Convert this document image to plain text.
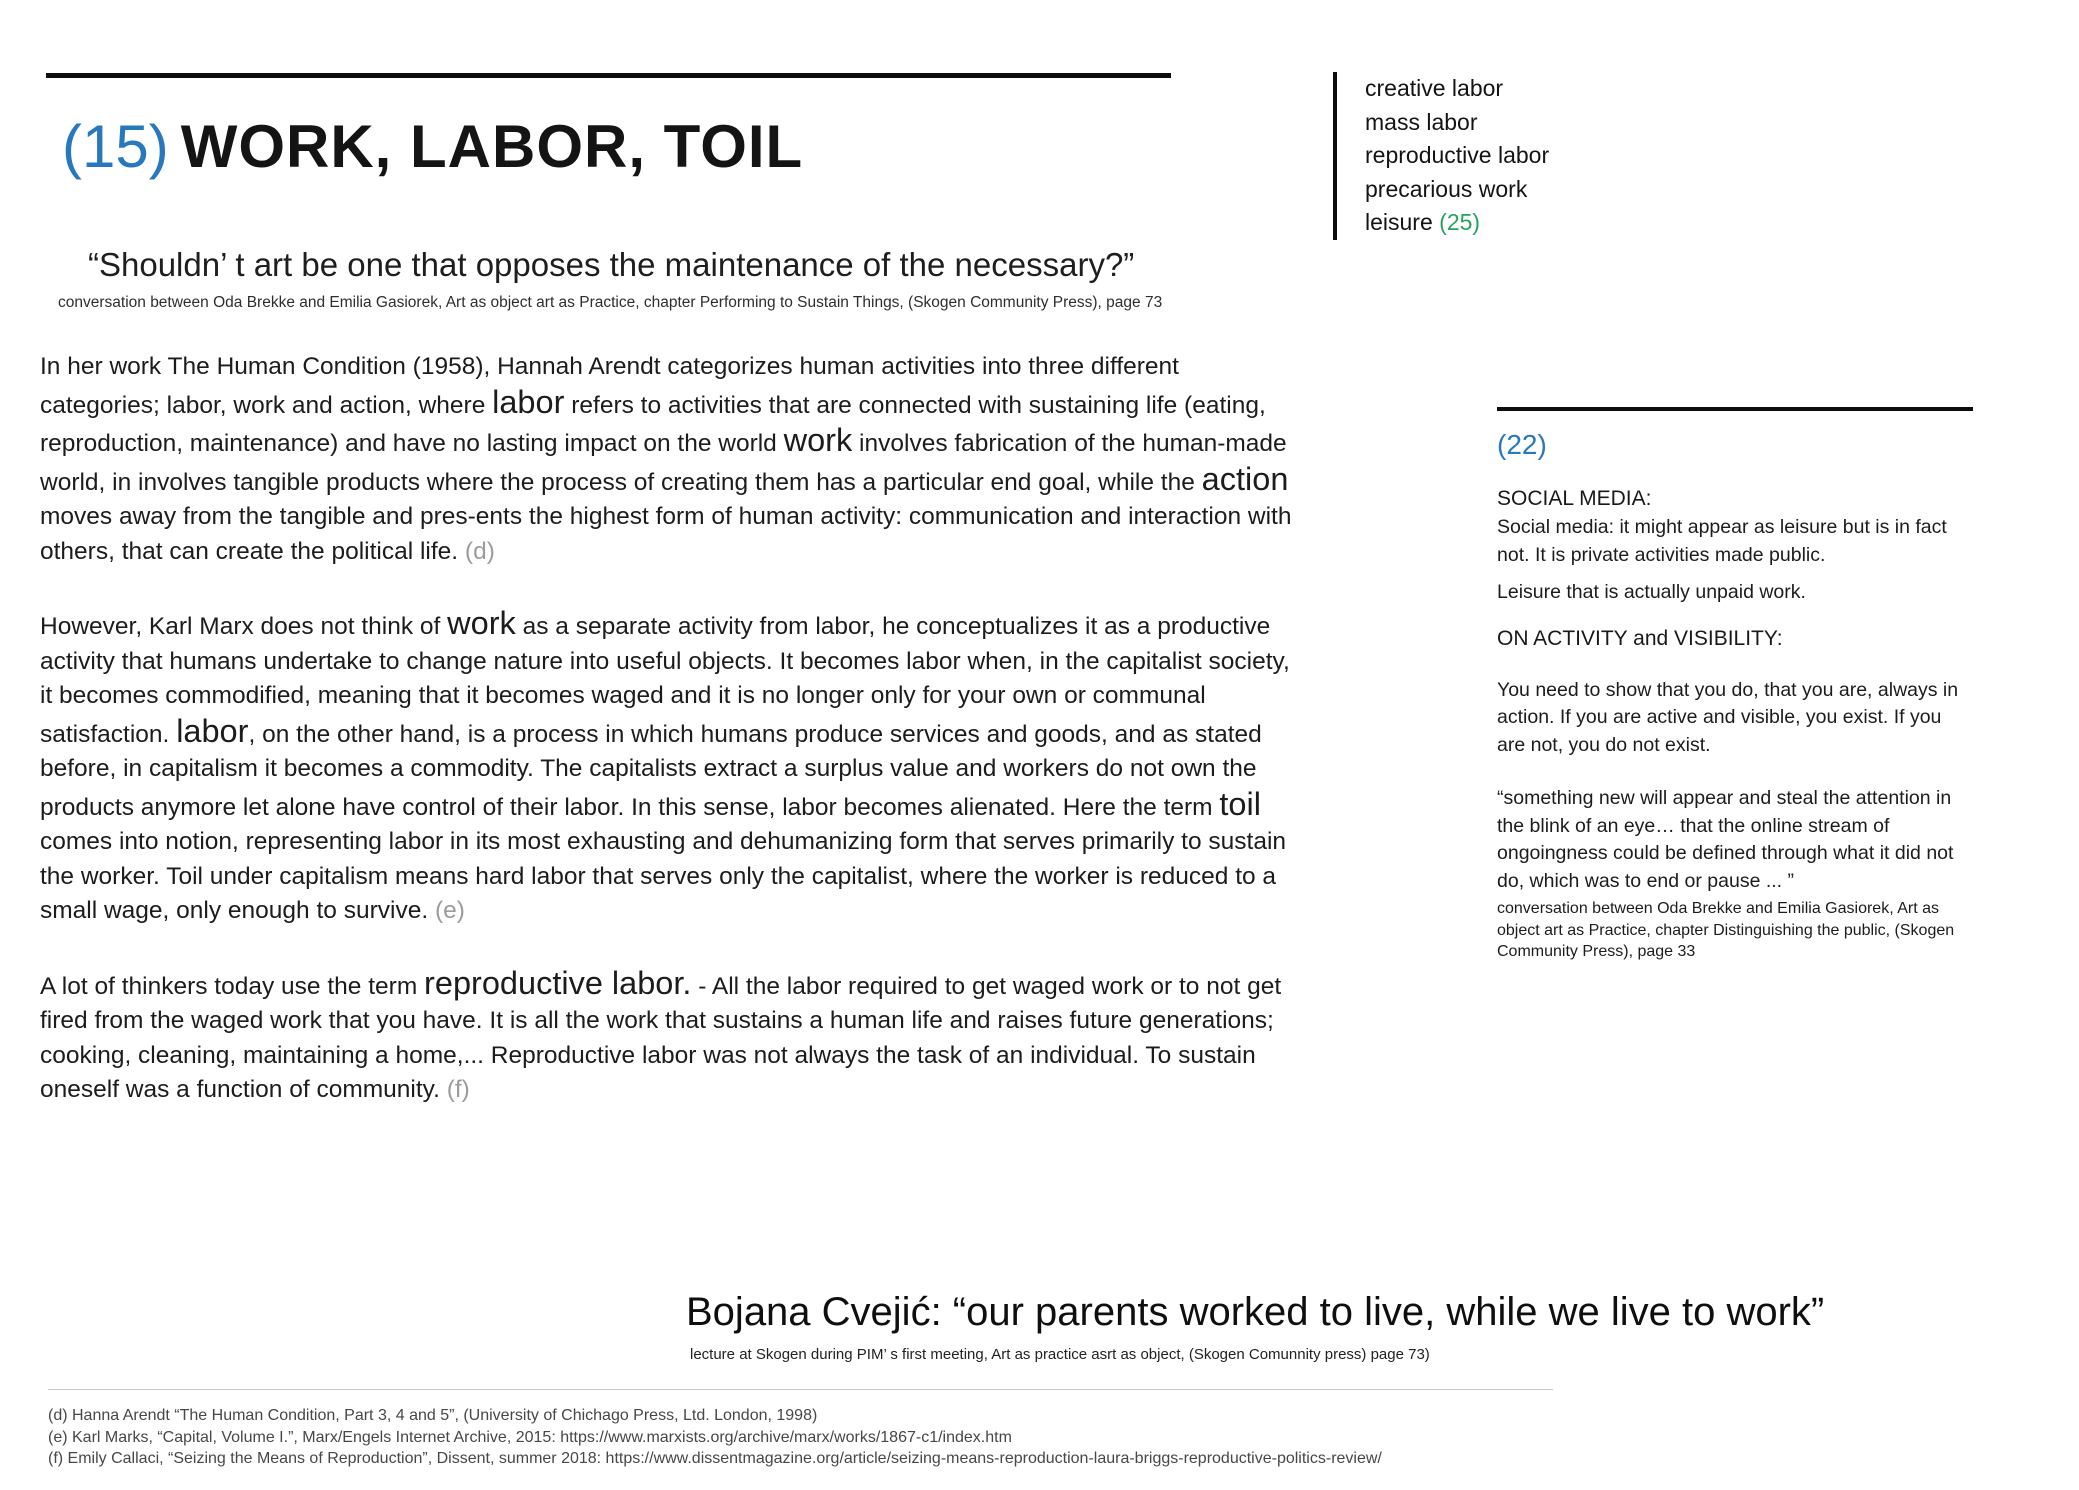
(15) WORK, LABOR, TOIL
“Shouldn’ t art be one that opposes the maintenance of the necessary?”
conversation between Oda Brekke and Emilia Gasiorek, Art as object art as Practice, chapter Performing to Sustain Things, (Skogen Community Press), page 73
creative labor
mass labor
reproductive labor
precarious work
leisure (25)

In her work The Human Condition (1958), Hannah Arendt categorizes human activities into three different categories; labor, work and action, where labor refers to activities that are connected with sustaining life (eating, reproduction, maintenance) and have no lasting impact on the world work involves fabrication of the human-made world, in involves tangible products where the process of creating them has a particular end goal, while the action moves away from the tangible and pres-ents the highest form of human activity: communication and interaction with others, that can create the political life. (d)

However, Karl Marx does not think of work as a separate activity from labor, he conceptualizes it as a productive activity that humans undertake to change nature into useful objects. It becomes labor when, in the capitalist society, it becomes commodified, meaning that it becomes waged and it is no longer only for your own or communal satisfaction. labor, on the other hand, is a process in which humans produce services and goods, and as stated before, in capitalism it becomes a commodity. The capitalists extract a surplus value and workers do not own the products anymore let alone have control of their labor. In this sense, labor becomes alienated. Here the term toil comes into notion, representing labor in its most exhausting and dehumanizing form that serves primarily to sustain the worker. Toil under capitalism means hard labor that serves only the capitalist, where the worker is reduced to a small wage, only enough to survive. (e)

A lot of thinkers today use the term reproductive labor. - All the labor required to get waged work or to not get fired from the waged work that you have. It is all the work that sustains a human life and raises future generations; cooking, cleaning, maintaining a home,... Reproductive labor was not always the task of an individual. To sustain oneself was a function of community. (f)

(22)
SOCIAL MEDIA:

Social media: it might appear as leisure but is in fact not. It is private activities made public.

Leisure that is actually unpaid work.

ON ACTIVITY and VISIBILITY:

You need to show that you do, that you are, always in action. If you are active and visible, you exist. If you are not, you do not exist.

“something new will appear and steal the attention in the blink of an eye… that the online stream of ongoingness could be defined through what it did not do, which was to end or pause ... ”

conversation between Oda Brekke and Emilia Gasiorek, Art as object art as Practice, chapter Distinguishing the public, (Skogen Community Press), page 33

Bojana Cvejić: “our parents worked to live, while we live to work”
lecture at Skogen during PIM’ s first meeting, Art as practice asrt as object, (Skogen Comunnity press) page 73)
(d) Hanna Arendt “The Human Condition, Part 3, 4 and 5”, (University of Chichago Press, Ltd. London, 1998)
(e) Karl Marks, “Capital, Volume I.”, Marx/Engels Internet Archive, 2015: https://www.marxists.org/archive/marx/works/1867-c1/index.htm
(f) Emily Callaci, “Seizing the Means of Reproduction”, Dissent, summer 2018: https://www.dissentmagazine.org/article/seizing-means-reproduction-laura-briggs-reproductive-politics-review/
